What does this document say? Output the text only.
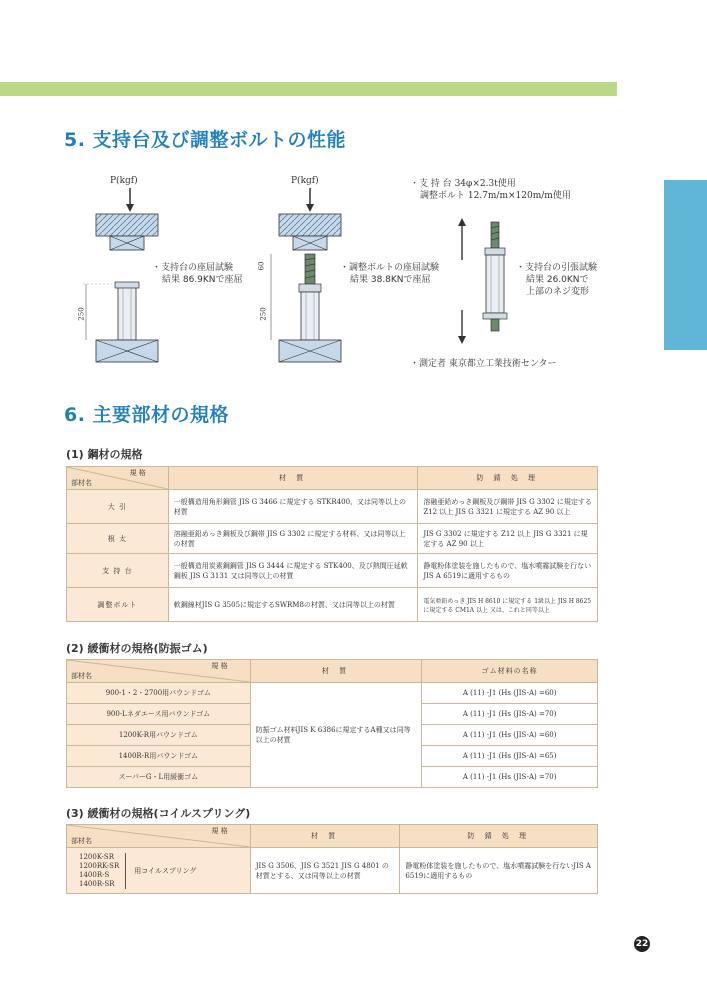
5. 支持台及び調整ボルトの性能
P(kgf)	P(kgf)
250
60
250
・支持台の座屈試験
結果 86.9KNで座屈
・調整ボルトの座屈試験
結果 38.8KNで座屈
・支持台の引張試験
結果 26.0KNで
上部のネジ変形
・支 持 台 34φ×2.3t使用
調整ボルト 12.7m/m×120m/m使用
・測定者 東京都立工業技術センター
6. 主要部材の規格
(1) 鋼材の規格
規 格
部材名	材 質	防 錆 処 理
大 引	一般構造用角形鋼管 JIS G 3466 に規定する STKR400、又は同等以上の材質	溶融亜鉛めっき鋼板及び鋼帯 JIS G 3302 に規定する Z12 以上 JIS G 3321 に規定する AZ 90 以上
根 太	溶融亜鉛めっき鋼板及び鋼帯 JIS G 3302 に規定する材料、又は同等以上の材質	JIS G 3302 に規定する Z12 以上 JIS G 3321 に規定する AZ 90 以上
支 持 台	一般構造用炭素鋼鋼管 JIS G 3444 に規定する STK400、及び熱間圧延軟鋼板 JIS G 3131 又は同等以上の材質	静電粉体塗装を施したもので、塩水噴霧試験を行ないJIS A 6519に適用するもの
調整ボルト	軟鋼線材JIS G 3505に規定するSWRM8の材質、又は同等以上の材質	電気亜鉛めっき JIS H 8610 に規定する 1級以上 JIS H 8625 に規定する CM1A 以上 又は、これと同等以上
(2) 緩衝材の規格(防振ゴム)
規 格
部材名	材 質	ゴム材料の名称
900-1・2・2700用バウンドゴム	防振ゴム材料JIS K 6386に規定するA種又は同等以上の材質	A (11) -J1 (Hs (JIS-A) =60)
900-Lネダエース用バウンドゴム		A (11) -J1 (Hs (JIS-A) =70)
1200K-R用バウンドゴム		A (11) -J1 (Hs (JIS-A) =60)
1400R-R用バウンドゴム		A (11) -J1 (Hs (JIS-A) =65)
スーパーG・L用緩衝ゴム		A (11) -J1 (Hs (JIS-A) =70)
(3) 緩衝材の規格(コイルスプリング)
規 格
部材名	材 質	防 錆 処 理

1200K-SR
1200RK-SR
1400R-S
1400R-SR
用コイルスプリング	JIS G 3506、JIS G 3521 JIS G 4801 の材質とする、又は同等以上の材質	静電粉体塗装を施したもので、塩水噴霧試験を行ないJIS A 6519に適用するもの
22
